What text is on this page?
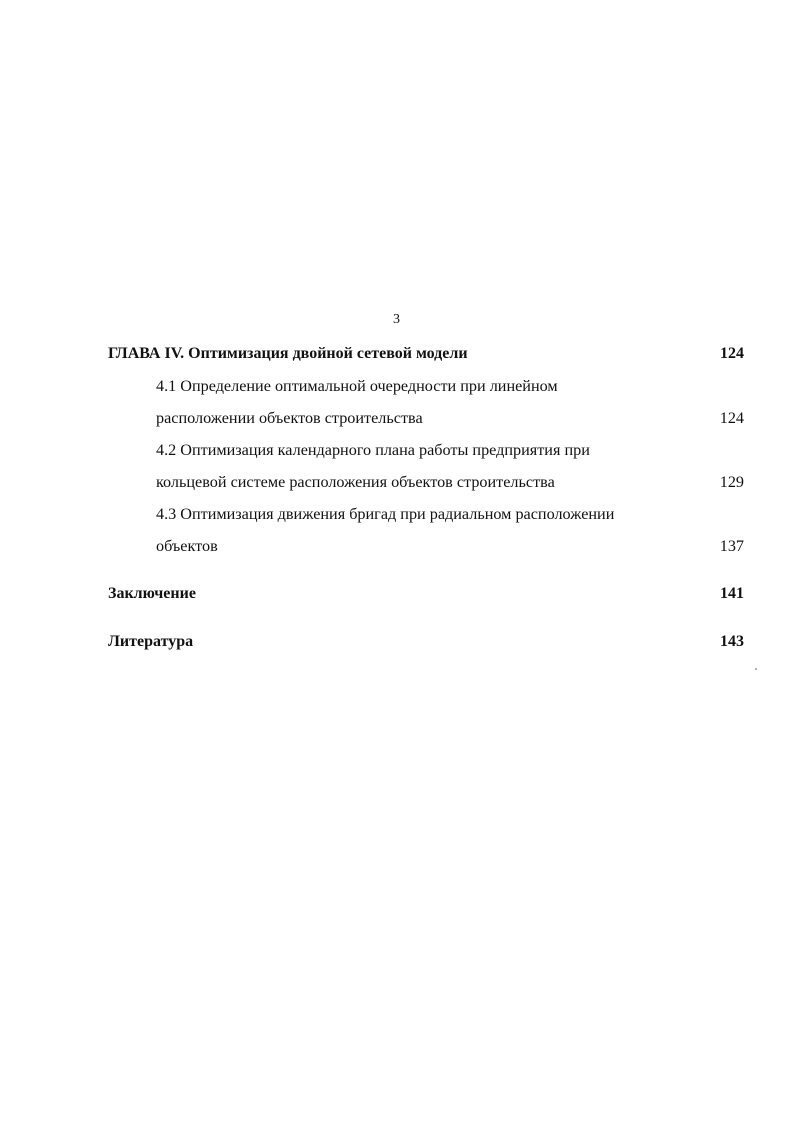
3
ГЛАВА IV. Оптимизация двойной сетевой модели	124
4.1 Определение оптимальной очередности при линейном
расположении объектов строительства	124
4.2 Оптимизация календарного плана работы предприятия при
кольцевой системе расположения объектов строительства	129
4.3 Оптимизация движения бригад при радиальном расположении
объектов	137
Заключение	141
Литература	143
